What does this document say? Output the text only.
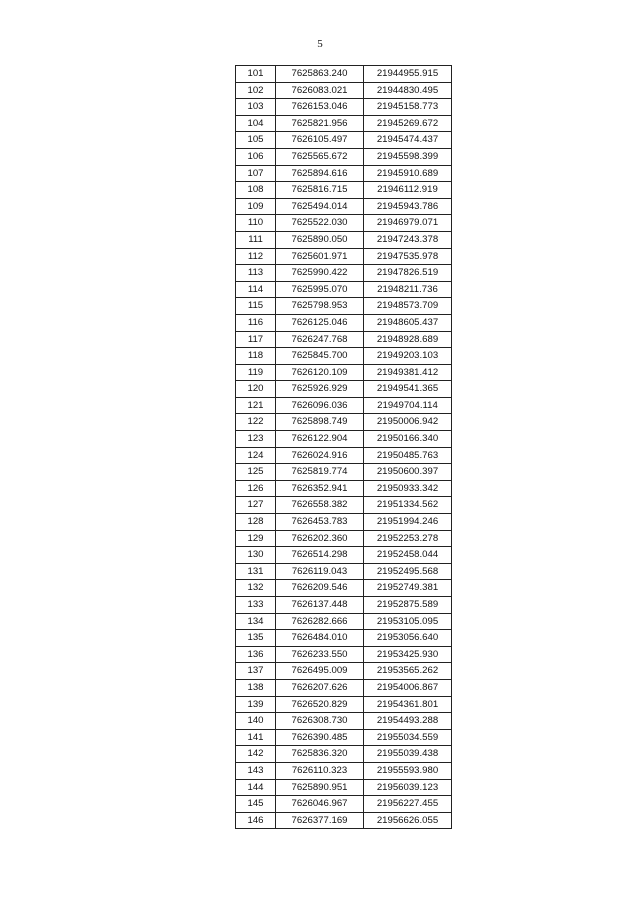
5
101	7625863.240	21944955.915
102	7626083.021	21944830.495
103	7626153.046	21945158.773
104	7625821.956	21945269.672
105	7626105.497	21945474.437
106	7625565.672	21945598.399
107	7625894.616	21945910.689
108	7625816.715	21946112.919
109	7625494.014	21945943.786
110	7625522.030	21946979.071
111	7625890.050	21947243.378
112	7625601.971	21947535.978
113	7625990.422	21947826.519
114	7625995.070	21948211.736
115	7625798.953	21948573.709
116	7626125.046	21948605.437
117	7626247.768	21948928.689
118	7625845.700	21949203.103
119	7626120.109	21949381.412
120	7625926.929	21949541.365
121	7626096.036	21949704.114
122	7625898.749	21950006.942
123	7626122.904	21950166.340
124	7626024.916	21950485.763
125	7625819.774	21950600.397
126	7626352.941	21950933.342
127	7626558.382	21951334.562
128	7626453.783	21951994.246
129	7626202.360	21952253.278
130	7626514.298	21952458.044
131	7626119.043	21952495.568
132	7626209.546	21952749.381
133	7626137.448	21952875.589
134	7626282.666	21953105.095
135	7626484.010	21953056.640
136	7626233.550	21953425.930
137	7626495.009	21953565.262
138	7626207.626	21954006.867
139	7626520.829	21954361.801
140	7626308.730	21954493.288
141	7626390.485	21955034.559
142	7625836.320	21955039.438
143	7626110.323	21955593.980
144	7625890.951	21956039.123
145	7626046.967	21956227.455
146	7626377.169	21956626.055
